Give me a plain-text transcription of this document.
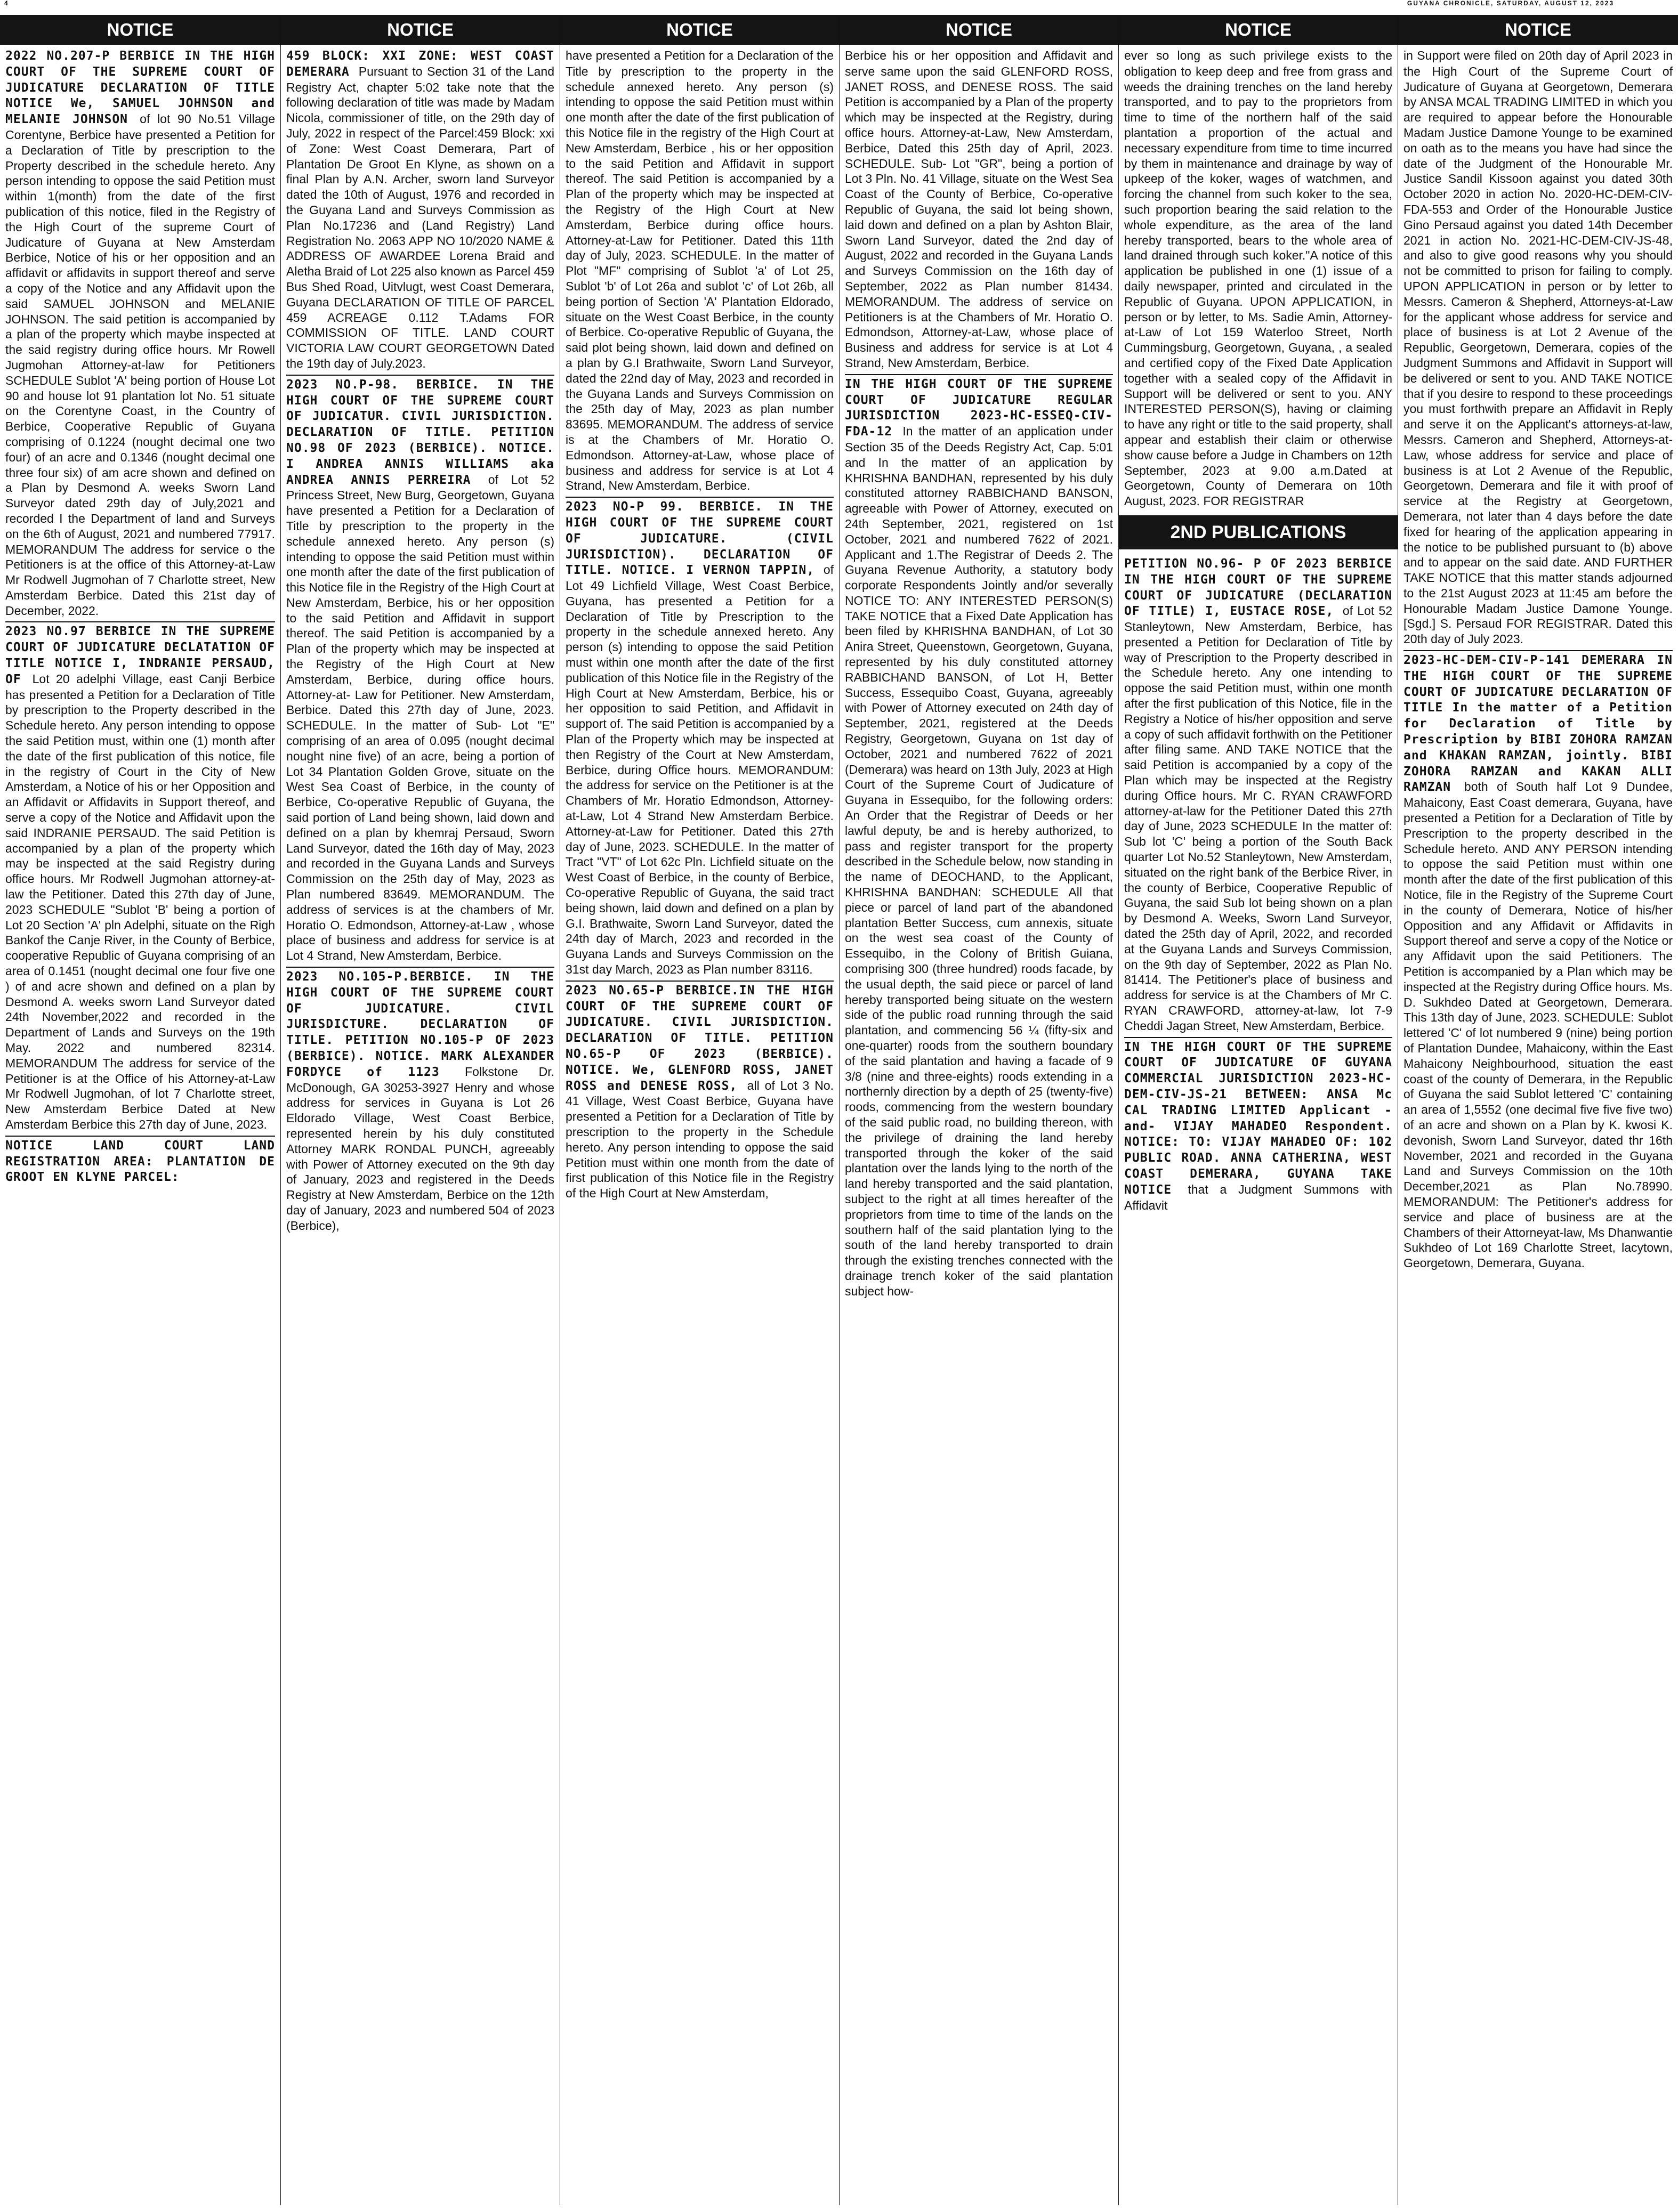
4	GUYANA CHRONICLE, SATURDAY, AUGUST 12, 2023
NOTICE
2022 NO.207-P BERBICE IN THE HIGH COURT OF THE SUPREME COURT OF JUDICATURE DECLARATION OF TITLE NOTICE We, SAMUEL JOHNSON and MELANIE JOHNSON of lot 90 No.51 Village Corentyne, Berbice have presented a Petition for a Declaration of Title by prescription to the Property described in the schedule hereto. Any person intending to oppose the said Petition must within 1(month) from the date of the first publication of this notice, filed in the Registry of the High Court of the supreme Court of Judicature of Guyana at New Amsterdam Berbice, Notice of his or her opposition and an affidavit or affidavits in support thereof and serve a copy of the Notice and any Affidavit upon the said SAMUEL JOHNSON and MELANIE JOHNSON. The said petition is accompanied by a plan of the property which maybe inspected at the said registry during office hours. Mr Rowell Jugmohan Attorney-at-law for Petitioners SCHEDULE Sublot 'A' being portion of House Lot 90 and house lot 91 plantation lot No. 51 situate on the Corentyne Coast, in the Country of Berbice, Cooperative Republic of Guyana comprising of 0.1224 (nought decimal one two four) of an acre and 0.1346 (nought decimal one three four six) of am acre shown and defined on a Plan by Desmond A. weeks Sworn Land Surveyor dated 29th day of July,2021 and recorded I the Department of land and Surveys on the 6th of August, 2021 and numbered 77917. MEMORANDUM The address for service o the Petitioners is at the office of this Attorney-at-Law Mr Rodwell Jugmohan of 7 Charlotte street, New Amsterdam Berbice. Dated this 21st day of December, 2022.
2023 NO.97 BERBICE IN THE SUPREME COURT OF JUDICATURE DECLATATION OF TITLE NOTICE I, INDRANIE PERSAUD, OF Lot 20 adelphi Village, east Canji Berbice has presented a Petition for a Declaration of Title by prescription to the Property described in the Schedule hereto. Any person intending to oppose the said Petition must, within one (1) month after the date of the first publication of this notice, file in the registry of Court in the City of New Amsterdam, a Notice of his or her Opposition and an Affidavit or Affidavits in Support thereof, and serve a copy of the Notice and Affidavit upon the said INDRANIE PERSAUD. The said Petition is accompanied by a plan of the property which may be inspected at the said Registry during office hours. Mr Rodwell Jugmohan attorney-at-law the Petitioner. Dated this 27th day of June, 2023 SCHEDULE "Sublot 'B' being a portion of Lot 20 Section 'A' pln Adelphi, situate on the Righ Bankof the Canje River, in the County of Berbice, cooperative Republic of Guyana comprising of an area of 0.1451 (nought decimal one four five one ) of and acre shown and defined on a plan by Desmond A. weeks sworn Land Surveyor dated 24th November,2022 and recorded in the Department of Lands and Surveys on the 19th May. 2022 and numbered 82314. MEMORANDUM The address for service of the Petitioner is at the Office of his Attorney-at-Law Mr Rodwell Jugmohan, of lot 7 Charlotte street, New Amsterdam Berbice Dated at New Amsterdam Berbice this 27th day of June, 2023.
NOTICE LAND COURT LAND REGISTRATION AREA: PLANTATION DE GROOT EN KLYNE PARCEL:
NOTICE
459 BLOCK: XXI ZONE: WEST COAST DEMERARA Pursuant to Section 31 of the Land Registry Act, chapter 5:02 take note that the following declaration of title was made by Madam Nicola, commissioner of title, on the 29th day of July, 2022 in respect of the Parcel:459 Block: xxi of Zone: West Coast Demerara, Part of Plantation De Groot En Klyne, as shown on a final Plan by A.N. Archer, sworn land Surveyor dated the 10th of August, 1976 and recorded in the Guyana Land and Surveys Commission as Plan No.17236 and (Land Registry) Land Registration No. 2063 APP NO 10/2020 NAME & ADDRESS OF AWARDEE Lorena Braid and Aletha Braid of Lot 225 also known as Parcel 459 Bus Shed Road, Uitvlugt, west Coast Demerara, Guyana DECLARATION OF TITLE OF PARCEL 459 ACREAGE 0.112 T.Adams FOR COMMISSION OF TITLE. LAND COURT VICTORIA LAW COURT GEORGETOWN Dated the 19th day of July.2023.
2023 NO.P-98. BERBICE. IN THE HIGH COURT OF THE SUPREME COURT OF JUDICATUR. CIVIL JURISDICTION. DECLARATION OF TITLE. PETITION NO.98 OF 2023 (BERBICE). NOTICE. I ANDREA ANNIS WILLIAMS aka ANDREA ANNIS PERREIRA of Lot 52 Princess Street, New Burg, Georgetown, Guyana have presented a Petition for a Declaration of Title by prescription to the property in the schedule annexed hereto. Any person (s) intending to oppose the said Petition must within one month after the date of the first publication of this Notice file in the Registry of the High Court at New Amsterdam, Berbice, his or her opposition to the said Petition and Affidavit in support thereof. The said Petition is accompanied by a Plan of the property which may be inspected at the Registry of the High Court at New Amsterdam, Berbice, during office hours. Attorney-at- Law for Petitioner. New Amsterdam, Berbice. Dated this 27th day of June, 2023. SCHEDULE. In the matter of Sub- Lot "E" comprising of an area of 0.095 (nought decimal nought nine five) of an acre, being a portion of Lot 34 Plantation Golden Grove, situate on the West Sea Coast of Berbice, in the county of Berbice, Co-operative Republic of Guyana, the said portion of Land being shown, laid down and defined on a plan by khemraj Persaud, Sworn Land Surveyor, dated the 16th day of May, 2023 and recorded in the Guyana Lands and Surveys Commission on the 25th day of May, 2023 as Plan numbered 83649. MEMORANDUM. The address of services is at the chambers of Mr. Horatio O. Edmondson, Attorney-at-Law , whose place of business and address for service is at Lot 4 Strand, New Amsterdam, Berbice.
2023 NO.105-P.BERBICE. IN THE HIGH COURT OF THE SUPREME COURT OF JUDICATURE. CIVIL JURISDICTURE. DECLARATION OF TITLE. PETITION NO.105-P OF 2023 (BERBICE). NOTICE. MARK ALEXANDER FORDYCE of 1123 Folkstone Dr. McDonough, GA 30253-3927 Henry and whose address for services in Guyana is Lot 26 Eldorado Village, West Coast Berbice, represented herein by his duly constituted Attorney MARK RONDAL PUNCH, agreeably with Power of Attorney executed on the 9th day of January, 2023 and registered in the Deeds Registry at New Amsterdam, Berbice on the 12th day of January, 2023 and numbered 504 of 2023 (Berbice),
NOTICE
have presented a Petition for a Declaration of the Title by prescription to the property in the schedule annexed hereto. Any person (s) intending to oppose the said Petition must within one month after the date of the first publication of this Notice file in the registry of the High Court at New Amsterdam, Berbice , his or her opposition to the said Petition and Affidavit in support thereof. The said Petition is accompanied by a Plan of the property which may be inspected at the Registry of the High Court at New Amsterdam, Berbice during office hours. Attorney-at-Law for Petitioner. Dated this 11th day of July, 2023. SCHEDULE. In the matter of Plot "MF" comprising of Sublot 'a' of Lot 25, Sublot 'b' of Lot 26a and sublot 'c' of Lot 26b, all being portion of Section 'A' Plantation Eldorado, situate on the West Coast Berbice, in the county of Berbice. Co-operative Republic of Guyana, the said plot being shown, laid down and defined on a plan by G.I Brathwaite, Sworn Land Surveyor, dated the 22nd day of May, 2023 and recorded in the Guyana Lands and Surveys Commission on the 25th day of May, 2023 as plan number 83695. MEMORANDUM. The address of service is at the Chambers of Mr. Horatio O. Edmondson. Attorney-at-Law, whose place of business and address for service is at Lot 4 Strand, New Amsterdam, Berbice.
2023 NO-P 99. BERBICE. IN THE HIGH COURT OF THE SUPREME COURT OF JUDICATURE. (CIVIL JURISDICTION). DECLARATION OF TITLE. NOTICE. I VERNON TAPPIN, of Lot 49 Lichfield Village, West Coast Berbice, Guyana, has presented a Petition for a Declaration of Title by Prescription to the property in the schedule annexed hereto. Any person (s) intending to oppose the said Petition must within one month after the date of the first publication of this Notice file in the Registry of the High Court at New Amsterdam, Berbice, his or her opposition to said Petition, and Affidavit in support of. The said Petition is accompanied by a Plan of the Property which may be inspected at then Registry of the Court at New Amsterdam, Berbice, during Office hours. MEMORANDUM: the address for service on the Petitioner is at the Chambers of Mr. Horatio Edmondson, Attorney-at-Law, Lot 4 Strand New Amsterdam Berbice. Attorney-at-Law for Petitioner. Dated this 27th day of June, 2023. SCHEDULE. In the matter of Tract "VT" of Lot 62c Pln. Lichfield situate on the West Coast of Berbice, in the county of Berbice, Co-operative Republic of Guyana, the said tract being shown, laid down and defined on a plan by G.I. Brathwaite, Sworn Land Surveyor, dated the 24th day of March, 2023 and recorded in the Guyana Lands and Surveys Commission on the 31st day March, 2023 as Plan number 83116.
2023 NO.65-P BERBICE.IN THE HIGH COURT OF THE SUPREME COURT OF JUDICATURE. CIVIL JURISDICTION. DECLARATION OF TITLE. PETITION NO.65-P OF 2023 (BERBICE). NOTICE. We, GLENFORD ROSS, JANET ROSS and DENESE ROSS, all of Lot 3 No. 41 Village, West Coast Berbice, Guyana have presented a Petition for a Declaration of Title by prescription to the property in the Schedule hereto. Any person intending to oppose the said Petition must within one month from the date of first publication of this Notice file in the Registry of the High Court at New Amsterdam,
NOTICE
Berbice his or her opposition and Affidavit and serve same upon the said GLENFORD ROSS, JANET ROSS, and DENESE ROSS. The said Petition is accompanied by a Plan of the property which may be inspected at the Registry, during office hours. Attorney-at-Law, New Amsterdam, Berbice, Dated this 25th day of April, 2023. SCHEDULE. Sub- Lot "GR", being a portion of Lot 3 Pln. No. 41 Village, situate on the West Sea Coast of the County of Berbice, Co-operative Republic of Guyana, the said lot being shown, laid down and defined on a plan by Ashton Blair, Sworn Land Surveyor, dated the 2nd day of August, 2022 and recorded in the Guyana Lands and Surveys Commission on the 16th day of September, 2022 as Plan number 81434. MEMORANDUM. The address of service on Petitioners is at the Chambers of Mr. Horatio O. Edmondson, Attorney-at-Law, whose place of Business and address for service is at Lot 4 Strand, New Amsterdam, Berbice.
IN THE HIGH COURT OF THE SUPREME COURT OF JUDICATURE REGULAR JURISDICTION 2023-HC-ESSEQ-CIV-FDA-12 In the matter of an application under Section 35 of the Deeds Registry Act, Cap. 5:01 and In the matter of an application by KHRISHNA BANDHAN, represented by his duly constituted attorney RABBICHAND BANSON, agreeable with Power of Attorney, executed on 24th September, 2021, registered on 1st October, 2021 and numbered 7622 of 2021. Applicant and 1.The Registrar of Deeds 2. The Guyana Revenue Authority, a statutory body corporate Respondents Jointly and/or severally NOTICE TO: ANY INTERESTED PERSON(S) TAKE NOTICE that a Fixed Date Application has been filed by KHRISHNA BANDHAN, of Lot 30 Anira Street, Queenstown, Georgetown, Guyana, represented by his duly constituted attorney RABBICHAND BANSON, of Lot H, Better Success, Essequibo Coast, Guyana, agreeably with Power of Attorney executed on 24th day of September, 2021, registered at the Deeds Registry, Georgetown, Guyana on 1st day of October, 2021 and numbered 7622 of 2021 (Demerara) was heard on 13th July, 2023 at High Court of the Supreme Court of Judicature of Guyana in Essequibo, for the following orders: An Order that the Registrar of Deeds or her lawful deputy, be and is hereby authorized, to pass and register transport for the property described in the Schedule below, now standing in the name of DEOCHAND, to the Applicant, KHRISHNA BANDHAN: SCHEDULE All that piece or parcel of land part of the abandoned plantation Better Success, cum annexis, situate on the west sea coast of the County of Essequibo, in the Colony of British Guiana, comprising 300 (three hundred) roods facade, by the usual depth, the said piece or parcel of land hereby transported being situate on the western side of the public road running through the said plantation, and commencing 56 ¼ (fifty-six and one-quarter) roods from the southern boundary of the said plantation and having a facade of 9 3/8 (nine and three-eights) roods extending in a northernly direction by a depth of 25 (twenty-five) roods, commencing from the western boundary of the said public road, no building thereon, with the privilege of draining the land hereby transported through the koker of the said plantation over the lands lying to the north of the land hereby transported and the said plantation, subject to the right at all times hereafter of the proprietors from time to time of the lands on the southern half of the said plantation lying to the south of the land hereby transported to drain through the existing trenches connected with the drainage trench koker of the said plantation subject how-
NOTICE
ever so long as such privilege exists to the obligation to keep deep and free from grass and weeds the draining trenches on the land hereby transported, and to pay to the proprietors from time to time of the northern half of the said plantation a proportion of the actual and necessary expenditure from time to time incurred by them in maintenance and drainage by way of upkeep of the koker, wages of watchmen, and forcing the channel from such koker to the sea, such proportion bearing the said relation to the whole expenditure, as the area of the land hereby transported, bears to the whole area of land drained through such koker."A notice of this application be published in one (1) issue of a daily newspaper, printed and circulated in the Republic of Guyana. UPON APPLICATION, in person or by letter, to Ms. Sadie Amin, Attorney-at-Law of Lot 159 Waterloo Street, North Cummingsburg, Georgetown, Guyana, , a sealed and certified copy of the Fixed Date Application together with a sealed copy of the Affidavit in Support will be delivered or sent to you. ANY INTERESTED PERSON(S), having or claiming to have any right or title to the said property, shall appear and establish their claim or otherwise show cause before a Judge in Chambers on 12th September, 2023 at 9.00 a.m.Dated at Georgetown, County of Demerara on 10th August, 2023. FOR REGISTRAR
2ND PUBLICATIONS
PETITION NO.96- P OF 2023 BERBICE IN THE HIGH COURT OF THE SUPREME COURT OF JUDICATURE (DECLARATION OF TITLE) I, EUSTACE ROSE, of Lot 52 Stanleytown, New Amsterdam, Berbice, has presented a Petition for Declaration of Title by way of Prescription to the Property described in the Schedule hereto. Any one intending to oppose the said Petition must, within one month after the first publication of this Notice, file in the Registry a Notice of his/her opposition and serve a copy of such affidavit forthwith on the Petitioner after filing same. AND TAKE NOTICE that the said Petition is accompanied by a copy of the Plan which may be inspected at the Registry during Office hours. Mr C. RYAN CRAWFORD attorney-at-law for the Petitioner Dated this 27th day of June, 2023 SCHEDULE In the matter of: Sub lot 'C' being a portion of the South Back quarter Lot No.52 Stanleytown, New Amsterdam, situated on the right bank of the Berbice River, in the county of Berbice, Cooperative Republic of Guyana, the said Sub lot being shown on a plan by Desmond A. Weeks, Sworn Land Surveyor, dated the 25th day of April, 2022, and recorded at the Guyana Lands and Surveys Commission, on the 9th day of September, 2022 as Plan No. 81414. The Petitioner's place of business and address for service is at the Chambers of Mr C. RYAN CRAWFORD, attorney-at-law, lot 7-9 Cheddi Jagan Street, New Amsterdam, Berbice.
IN THE HIGH COURT OF THE SUPREME COURT OF JUDICATURE OF GUYANA COMMERCIAL JURISDICTION 2023-HC-DEM-CIV-JS-21 BETWEEN: ANSA Mc CAL TRADING LIMITED Applicant -and- VIJAY MAHADEO Respondent. NOTICE: TO: VIJAY MAHADEO OF: 102 PUBLIC ROAD. ANNA CATHERINA, WEST COAST DEMERARA, GUYANA TAKE NOTICE that a Judgment Summons with Affidavit
NOTICE
in Support were filed on 20th day of April 2023 in the High Court of the Supreme Court of Judicature of Guyana at Georgetown, Demerara by ANSA MCAL TRADING LIMITED in which you are required to appear before the Honourable Madam Justice Damone Younge to be examined on oath as to the means you have had since the date of the Judgment of the Honourable Mr. Justice Sandil Kissoon against you dated 30th October 2020 in action No. 2020-HC-DEM-CIV-FDA-553 and Order of the Honourable Justice Gino Persaud against you dated 14th December 2021 in action No. 2021-HC-DEM-CIV-JS-48, and also to give good reasons why you should not be committed to prison for failing to comply. UPON APPLICATION in person or by letter to Messrs. Cameron & Shepherd, Attorneys-at-Law for the applicant whose address for service and place of business is at Lot 2 Avenue of the Republic, Georgetown, Demerara, copies of the Judgment Summons and Affidavit in Support will be delivered or sent to you. AND TAKE NOTICE that if you desire to respond to these proceedings you must forthwith prepare an Affidavit in Reply and serve it on the Applicant's attorneys-at-law, Messrs. Cameron and Shepherd, Attorneys-at-Law, whose address for service and place of business is at Lot 2 Avenue of the Republic, Georgetown, Demerara and file it with proof of service at the Registry at Georgetown, Demerara, not later than 4 days before the date fixed for hearing of the application appearing in the notice to be published pursuant to (b) above and to appear on the said date. AND FURTHER TAKE NOTICE that this matter stands adjourned to the 21st August 2023 at 11:45 am before the Honourable Madam Justice Damone Younge. [Sgd.] S. Persaud FOR REGISTRAR. Dated this 20th day of July 2023.
2023-HC-DEM-CIV-P-141 DEMERARA IN THE HIGH COURT OF THE SUPREME COURT OF JUDICATURE DECLARATION OF TITLE In the matter of a Petition for Declaration of Title by Prescription by BIBI ZOHORA RAMZAN and KHAKAN RAMZAN, jointly. BIBI ZOHORA RAMZAN and KAKAN ALLI RAMZAN both of South half Lot 9 Dundee, Mahaicony, East Coast demerara, Guyana, have presented a Petition for a Declaration of Title by Prescription to the property described in the Schedule hereto. AND ANY PERSON intending to oppose the said Petition must within one month after the date of the first publication of this Notice, file in the Registry of the Supreme Court in the county of Demerara, Notice of his/her Opposition and any Affidavit or Affidavits in Support thereof and serve a copy of the Notice or any Affidavit upon the said Petitioners. The Petition is accompanied by a Plan which may be inspected at the Registry during Office hours. Ms. D. Sukhdeo Dated at Georgetown, Demerara. This 13th day of June, 2023. SCHEDULE: Sublot lettered 'C' of lot numbered 9 (nine) being portion of Plantation Dundee, Mahaicony, within the East Mahaicony Neighbourhood, situation the east coast of the county of Demerara, in the Republic of Guyana the said Sublot lettered 'C' containing an area of 1,5552 (one decimal five five five two) of an acre and shown on a Plan by K. kwosi K. devonish, Sworn Land Surveyor, dated thr 16th November, 2021 and recorded in the Guyana Land and Surveys Commission on the 10th December,2021 as Plan No.78990. MEMORANDUM: The Petitioner's address for service and place of business are at the Chambers of their Attorneyat-law, Ms Dhanwantie Sukhdeo of Lot 169 Charlotte Street, lacytown, Georgetown, Demerara, Guyana.
